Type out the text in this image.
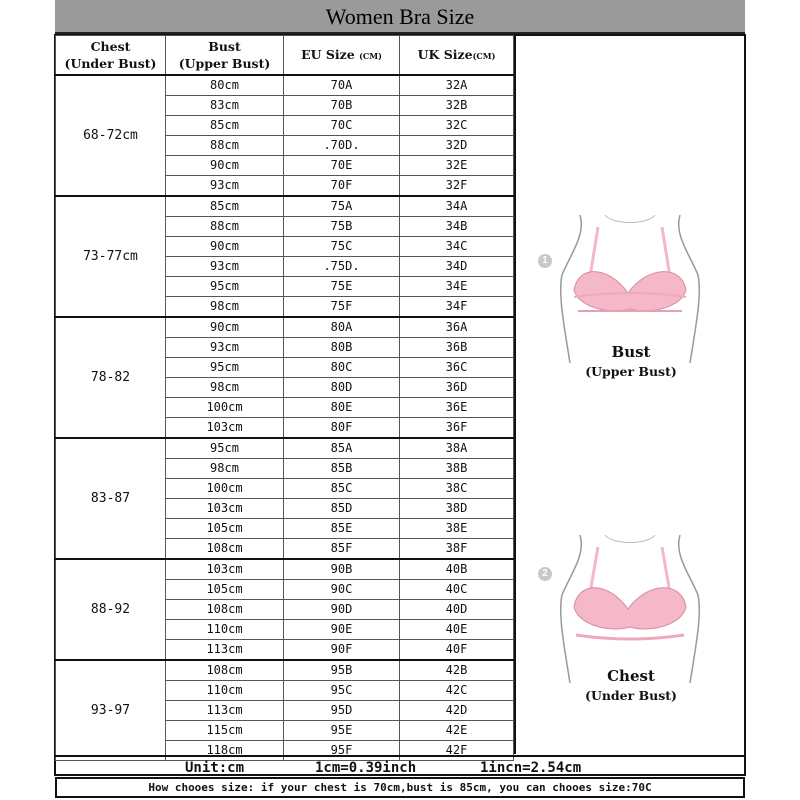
Women Bra Size
Chest
(Under Bust)	Bust
(Upper Bust)	EU Size (CM)	UK Size(CM)
68-72cm	80cm	70A	32A
	83cm	70B	32B
	85cm	70C	32C
	88cm	.70D.	32D
	90cm	70E	32E
	93cm	70F	32F
73-77cm	85cm	75A	34A
	88cm	75B	34B
	90cm	75C	34C
	93cm	.75D.	34D
	95cm	75E	34E
	98cm	75F	34F
78-82	90cm	80A	36A
	93cm	80B	36B
	95cm	80C	36C
	98cm	80D	36D
	100cm	80E	36E
	103cm	80F	36F
83-87	95cm	85A	38A
	98cm	85B	38B
	100cm	85C	38C
	103cm	85D	38D
	105cm	85E	38E
	108cm	85F	38F
88-92	103cm	90B	40B
	105cm	90C	40C
	108cm	90D	40D
	110cm	90E	40E
	113cm	90F	40F
93-97	108cm	95B	42B
	110cm	95C	42C
	113cm	95D	42D
	115cm	95E	42E
	118cm	95F	42F
1
Bust
(Upper Bust)
2
Chest
(Under Bust)
Unit:cm	1cm=0.39inch	1incn=2.54cm
How chooes size: if your chest is 70cm,bust is 85cm, you can chooes size:70C
